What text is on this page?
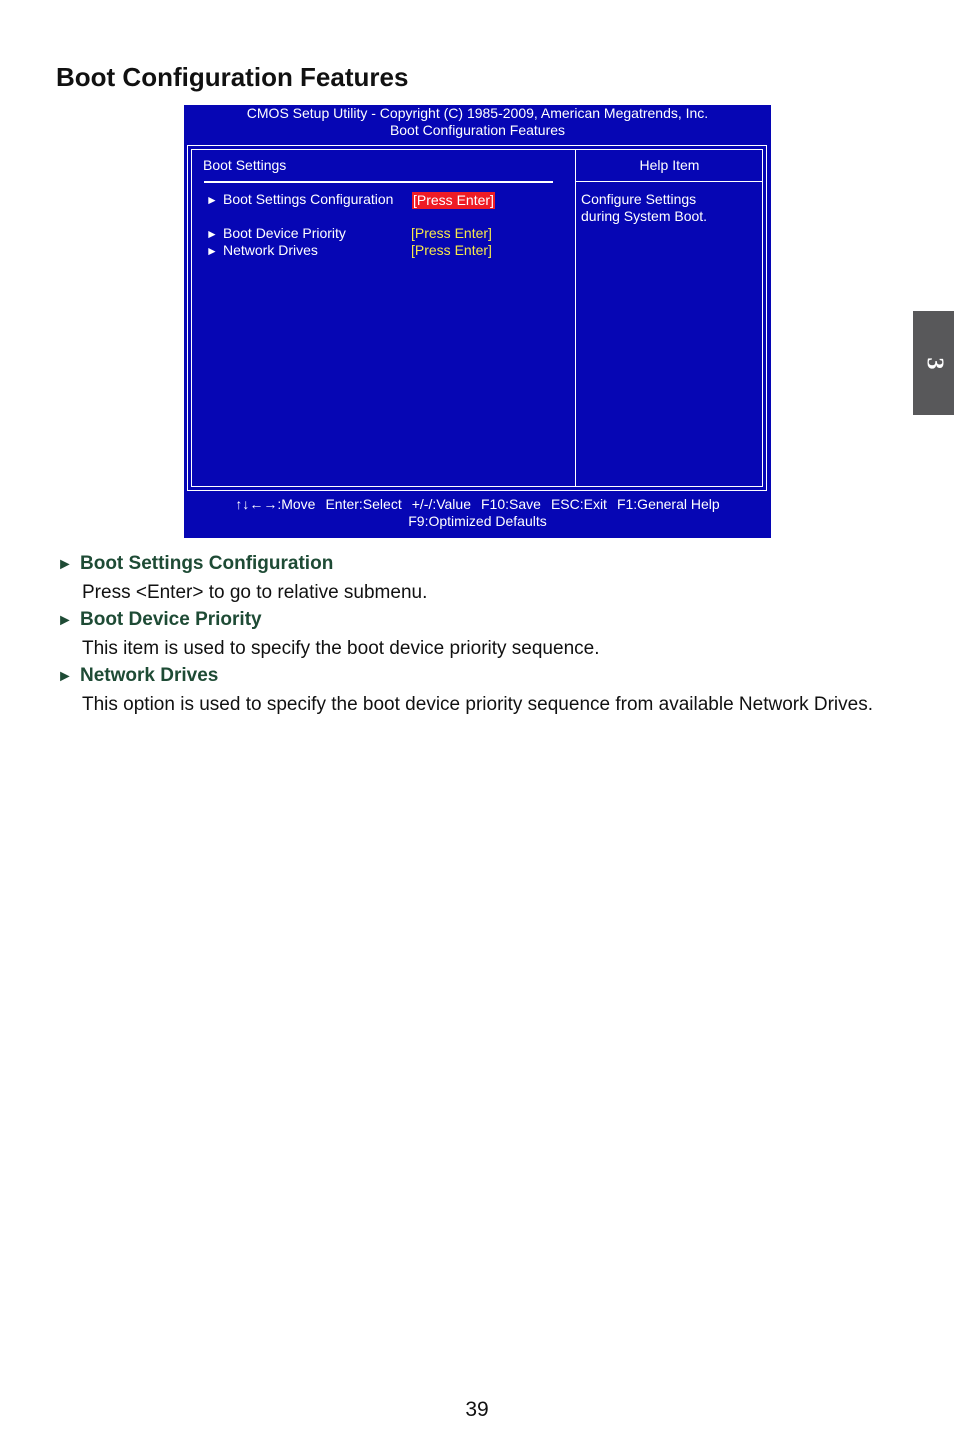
Boot Configuration Features
3
CMOS Setup Utility - Copyright (C) 1985-2009, American Megatrends, Inc.
Boot Configuration Features
Boot Settings	Help Item
► Boot Settings Configuration [Press Enter]
► Boot Device Priority	[Press Enter]
► Network Drives	[Press Enter]
Configure Settings
during System Boot.
↑↓←→:Move Enter:Select +/-/:Value F10:Save ESC:Exit F1:General Help
F9:Optimized Defaults
► Boot Settings Configuration
Press <Enter> to go to relative submenu.
► Boot Device Priority
This item is used to specify the boot device priority sequence.
► Network Drives
This option is used to specify the boot device priority sequence from available Network Drives.
39
